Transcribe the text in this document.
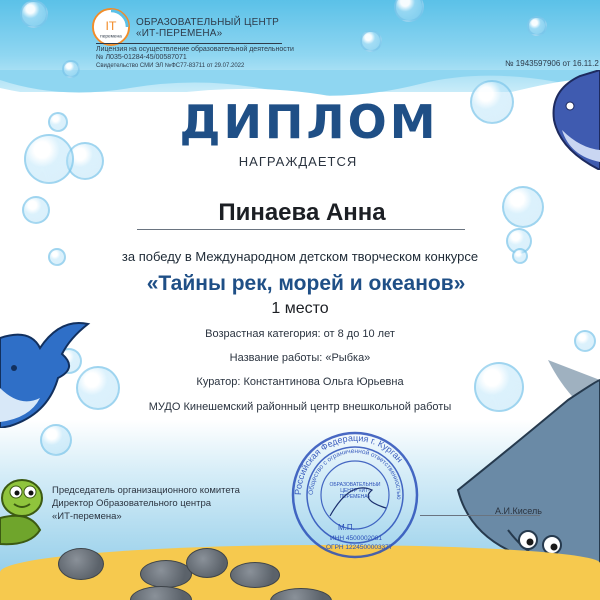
IT
перемена
ОБРАЗОВАТЕЛЬНЫЙ ЦЕНТР
«ИТ-ПЕРЕМЕНА»
Лицензия на осуществление образовательной деятельности
№ Л035-01284-45/00587071
Свидетельство СМИ ЭЛ №ФС77-83711 от 29.07.2022	№ 1943597906 от 16.11.2
ДИПЛОМ
НАГРАЖДАЕТСЯ
Пинаева Анна
за победу в Международном детском творческом конкурсе
«Тайны рек, морей и океанов»
1 место
Возрастная категория: от 8 до 10 лет
Название работы: «Рыбка»
Куратор: Константинова Ольга Юрьевна
МУДО Кинешемский районный центр внешкольной работы
Председатель организационного комитета
Директор Образовательного центра
«ИТ-перемена»	А.И.Кисель
Российская Федерация г. Курган
Общество с ограниченной ответственностью
ОБРАЗОВАТЕЛЬНЫЙ ЦЕНТР «ИТ-ПЕРЕМЕНА»
М.П.
ИНН 4500002081
ОГРН 1224500003377
